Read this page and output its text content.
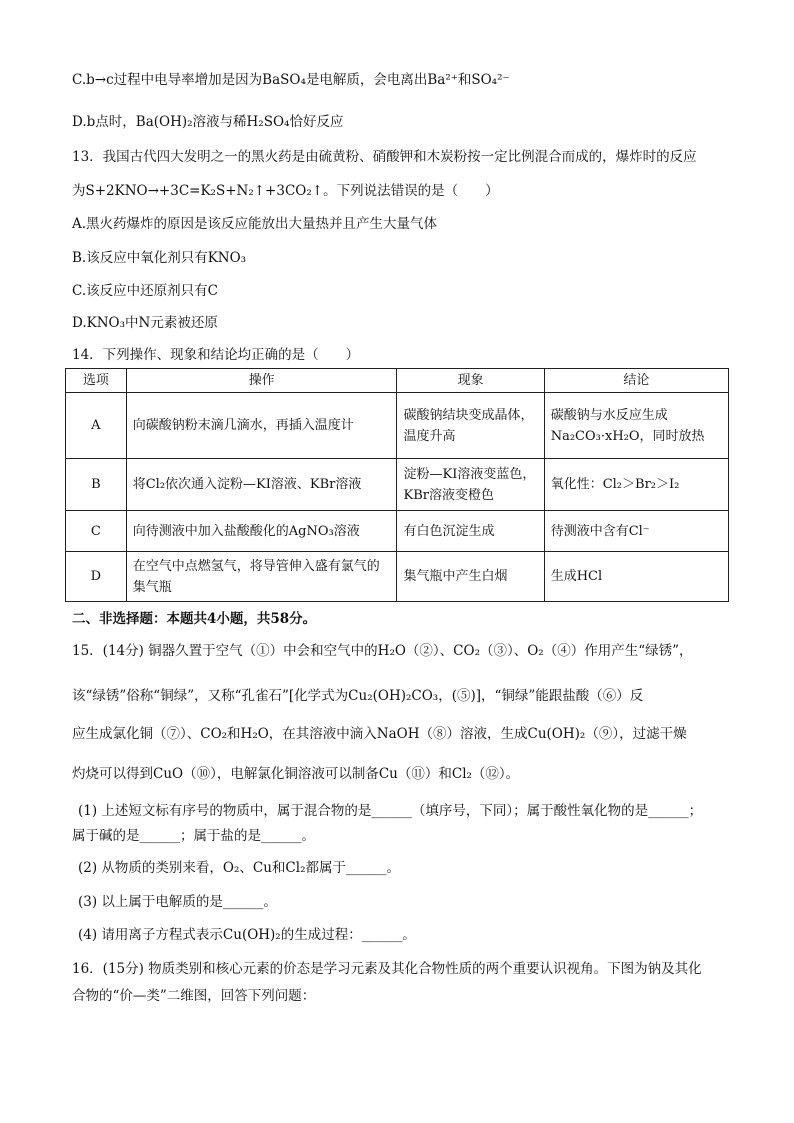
C.b→c过程中电导率增加是因为BaSO₄是电解质，会电离出Ba²⁺和SO₄²⁻
D.b点时，Ba(OH)₂溶液与稀H₂SO₄恰好反应
13．我国古代四大发明之一的黑火药是由硫黄粉、硝酸钾和木炭粉按一定比例混合而成的，爆炸时的反应
为S+2KNO→+3C=K₂S+N₂↑+3CO₂↑。下列说法错误的是（　　）
A.黑火药爆炸的原因是该反应能放出大量热并且产生大量气体
B.该反应中氧化剂只有KNO₃
C.该反应中还原剂只有C
D.KNO₃中N元素被还原
14．下列操作、现象和结论均正确的是（　　）
选项	操作	现象	结论
A	向碳酸钠粉末滴几滴水，再插入温度计	碳酸钠结块变成晶体，温度升高	碳酸钠与水反应生成Na₂CO₃·xH₂O，同时放热
B	将Cl₂依次通入淀粉—KI溶液、KBr溶液	淀粉—KI溶液变蓝色，KBr溶液变橙色	氧化性：Cl₂＞Br₂＞I₂
C	向待测液中加入盐酸酸化的AgNO₃溶液	有白色沉淀生成	待测液中含有Cl⁻
D	在空气中点燃氢气，将导管伸入盛有氯气的集气瓶	集气瓶中产生白烟	生成HCl
二、非选择题：本题共4小题，共58分。
15．(14分) 铜器久置于空气（①）中会和空气中的H₂O（②）、CO₂（③）、O₂（④）作用产生“绿锈”，
该“绿锈”俗称“铜绿”，又称“孔雀石”[化学式为Cu₂(OH)₂CO₃，(⑤)]，“铜绿”能跟盐酸（⑥）反
应生成氯化铜（⑦）、CO₂和H₂O，在其溶液中滴入NaOH（⑧）溶液，生成Cu(OH)₂（⑨），过滤干燥
灼烧可以得到CuO（⑩），电解氯化铜溶液可以制备Cu（⑪）和Cl₂（⑫）。
(1) 上述短文标有序号的物质中，属于混合物的是______（填序号，下同）；属于酸性氧化物的是______；
属于碱的是______；属于盐的是______。
(2) 从物质的类别来看，O₂、Cu和Cl₂都属于______。
(3) 以上属于电解质的是______。
(4) 请用离子方程式表示Cu(OH)₂的生成过程：______。
16．(15分) 物质类别和核心元素的价态是学习元素及其化合物性质的两个重要认识视角。下图为钠及其化
合物的“价—类”二维图，回答下列问题：
